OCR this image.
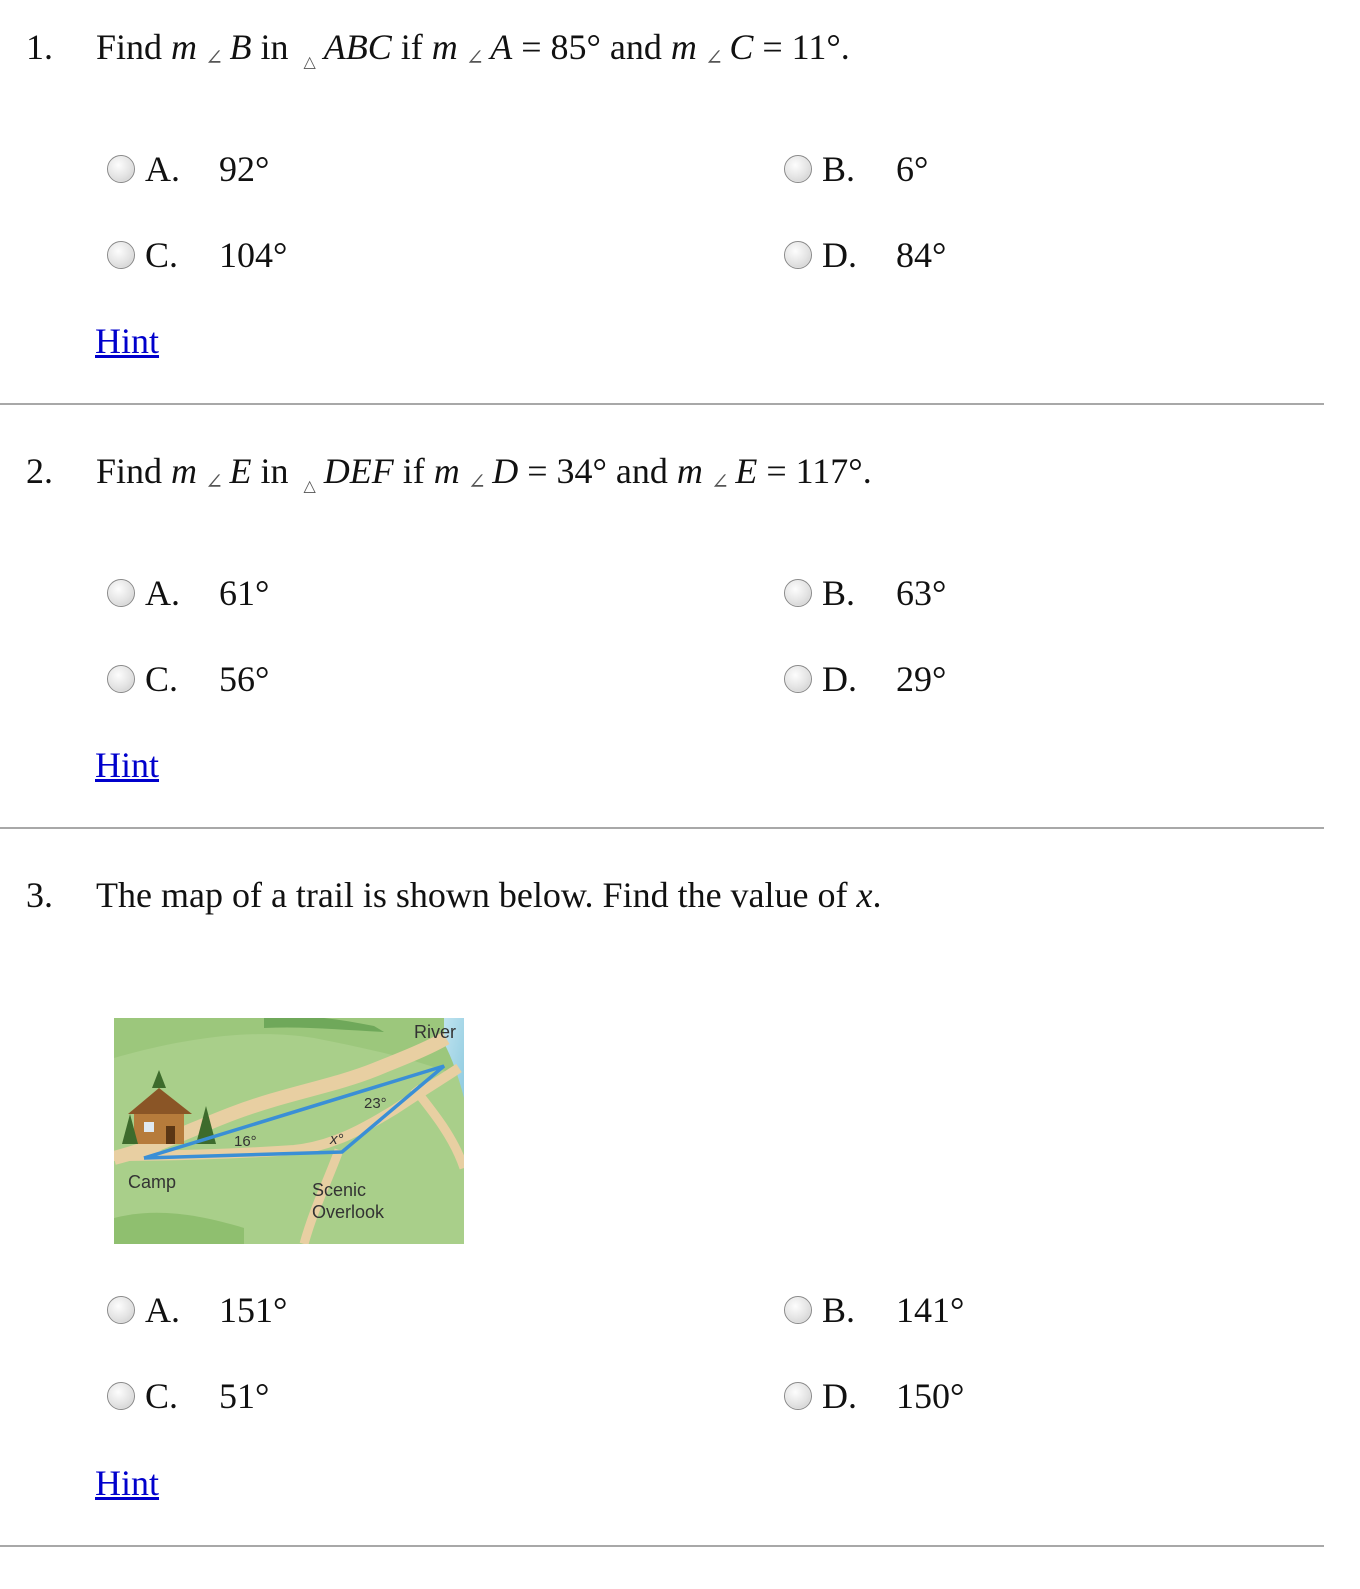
1. Find m ∠ B in $_\triangle$ ABC if m ∠ A = 85° and m ∠ C = 11°.
A.	92°	B.	6°
C.	104°	D.	84°
Hint
2. Find m ∠ E in $_\triangle$ DEF if m ∠ D = 34° and m ∠ E = 117°.
A.	61°	B.	63°
C.	56°	D.	29°
Hint
3. The map of a trail is shown below. Find the value of x.
River
Camp	Scenic
Overlook
16°
23°
x°
A.	151°	B.	141°
C.	51°	D.	150°
Hint
